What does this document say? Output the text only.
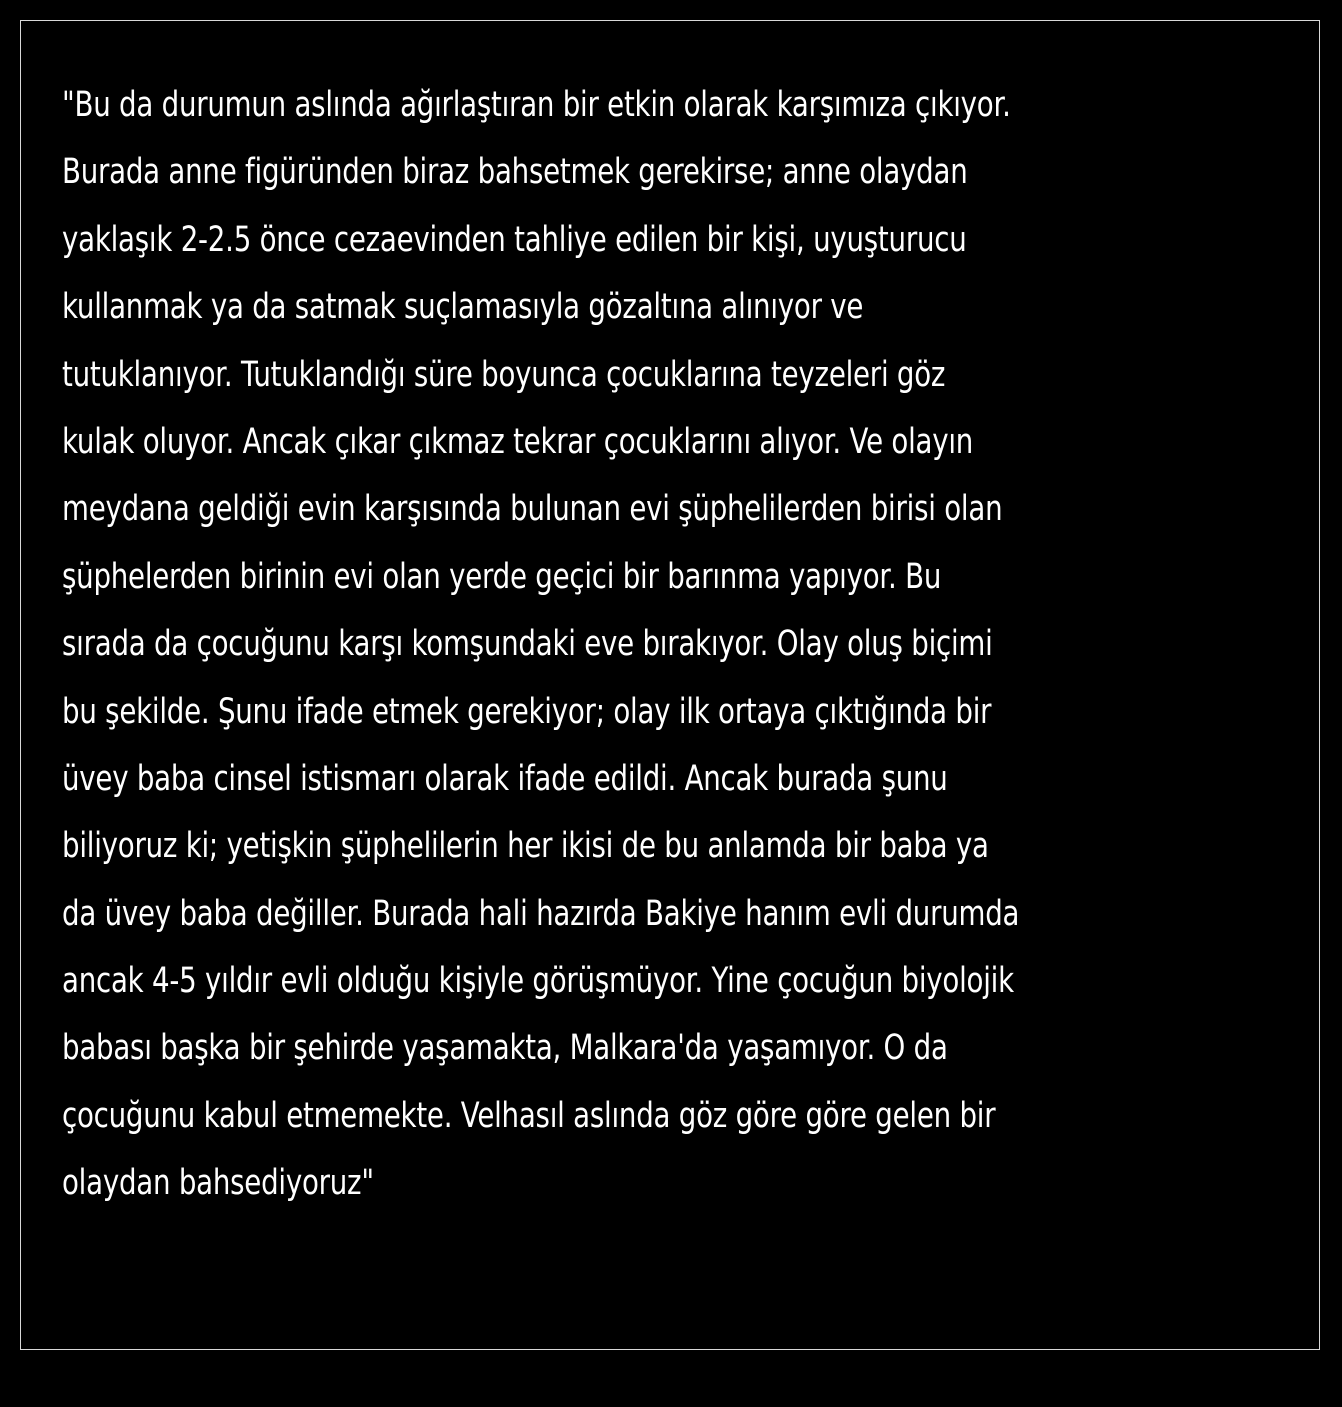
"Bu da durumun aslında ağırlaştıran bir etkin olarak karşımıza çıkıyor.
Burada anne figüründen biraz bahsetmek gerekirse; anne olaydan
yaklaşık 2-2.5 önce cezaevinden tahliye edilen bir kişi, uyuşturucu
kullanmak ya da satmak suçlamasıyla gözaltına alınıyor ve
tutuklanıyor. Tutuklandığı süre boyunca çocuklarına teyzeleri göz
kulak oluyor. Ancak çıkar çıkmaz tekrar çocuklarını alıyor. Ve olayın
meydana geldiği evin karşısında bulunan evi şüphelilerden birisi olan
şüphelerden birinin evi olan yerde geçici bir barınma yapıyor. Bu
sırada da çocuğunu karşı komşundaki eve bırakıyor. Olay oluş biçimi
bu şekilde. Şunu ifade etmek gerekiyor; olay ilk ortaya çıktığında bir
üvey baba cinsel istismarı olarak ifade edildi. Ancak burada şunu
biliyoruz ki; yetişkin şüphelilerin her ikisi de bu anlamda bir baba ya
da üvey baba değiller. Burada hali hazırda Bakiye hanım evli durumda
ancak 4-5 yıldır evli olduğu kişiyle görüşmüyor. Yine çocuğun biyolojik
babası başka bir şehirde yaşamakta, Malkara'da yaşamıyor. O da
çocuğunu kabul etmemekte. Velhasıl aslında göz göre göre gelen bir
olaydan bahsediyoruz"
